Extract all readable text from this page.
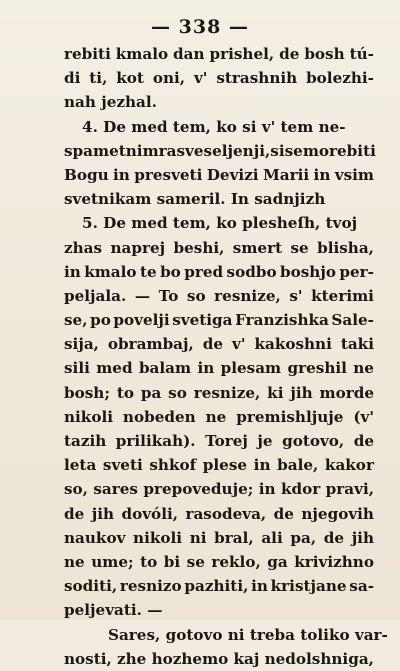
— 338 —
rebiti kmalo dan prishel, de bosh tú-
di ti, kot oni, v' strashnih bolezhi-
nah jezhal.
4. De med tem, ko si v' tem ne-
spametnim rasveseljenji, si se morebiti
Bogu in presveti Devizi Marii in vsim
svetnikam sameril. In sadnjizh
5. De med tem, ko plesheſh, tvoj
zhas naprej beshi, smert se blisha,
in kmalo te bo pred sodbo boshjo per-
peljala. — To so resnize, s' kterimi
se, po povelji svetiga Franzishka Sale-
sija, obrambaj, de v' kakoshni taki
sili med balam in plesam greshil ne
bosh; to pa so resnize, ki jih morde
nikoli nobeden ne premishljuje (v'
tazih prilikah). Torej je gotovo, de
leta sveti shkof plese in bale, kakor
so, sares prepoveduje; in kdor pravi,
de jih dovóli, rasodeva, de njegovih
naukov nikoli ni bral, ali pa, de jih
ne ume; to bi se reklo, ga krivizhno
soditi, resnizo pazhiti, in kristjane sa-
peljevati. —
Sares, gotovo ni treba toliko var-
nosti, zhe hozhemo kaj nedolshniga,
